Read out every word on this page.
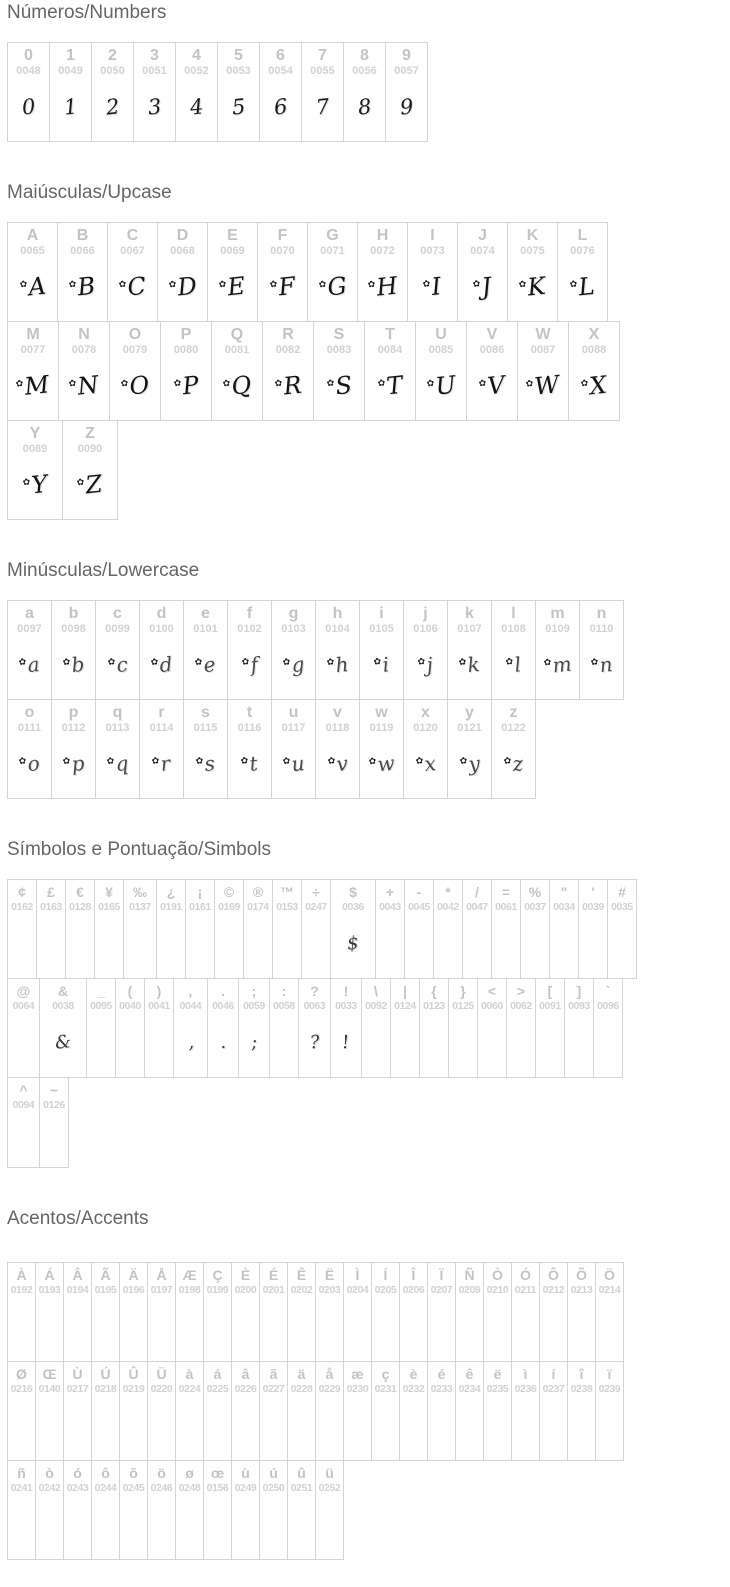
Números/Numbers
0
0048
0
1
0049
1
2
0050
2
3
0051
3
4
0052
4
5
0053
5
6
0054
6
7
0055
7
8
0056
8
9
0057
9
Maiúsculas/Upcase
A
0065
✿ A
B
0066
✿ B
C
0067
✿ C
D
0068
✿ D
E
0069
✿ E
F
0070
✿ F
G
0071
✿ G
H
0072
✿ H
I
0073
✿ I
J
0074
✿ J
K
0075
✿ K
L
0076
✿ L
M
0077
✿ M
N
0078
✿ N
O
0079
✿ O
P
0080
✿ P
Q
0081
✿ Q
R
0082
✿ R
S
0083
✿ S
T
0084
✿ T
U
0085
✿ U
V
0086
✿ V
W
0087
✿ W
X
0088
✿ X
Y
0089
✿ Y
Z
0090
✿ Z
Minúsculas/Lowercase
a
0097
✿ a
b
0098
✿ b
c
0099
✿ c
d
0100
✿ d
e
0101
✿ e
f
0102
✿ f
g
0103
✿ g
h
0104
✿ h
i
0105
✿ i
j
0106
✿ j
k
0107
✿ k
l
0108
✿ l
m
0109
✿ m
n
0110
✿ n
o
0111
✿ o
p
0112
✿ p
q
0113
✿ q
r
0114
✿ r
s
0115
✿ s
t
0116
✿ t
u
0117
✿ u
v
0118
✿ v
w
0119
✿ w
x
0120
✿ x
y
0121
✿ y
z
0122
✿ z
Símbolos e Pontuação/Simbols
¢
0162
£
0163
€
0128
¥
0165
‰
0137
¿
0191
¡
0161
©
0169
®
0174
™
0153
÷
0247
$
0036
$
+
0043
-
0045
*
0042
/
0047
=
0061
%
0037
"
0034
'
0039
#
0035
@
0064
&
0038
&
_
0095
(
0040
)
0041
,
0044
,
.
0046
.
;
0059
;
:
0058
?
0063
?
!
0033
!
\
0092
|
0124
{
0123
}
0125
<
0060
>
0062
[
0091
]
0093
`
0096
^
0094
~
0126
Acentos/Accents
À
0192
Á
0193
Â
0194
Ã
0195
Ä
0196
Å
0197
Æ
0198
Ç
0199
È
0200
É
0201
Ê
0202
Ë
0203
Ì
0204
Í
0205
Î
0206
Ï
0207
Ñ
0209
Ò
0210
Ó
0211
Ô
0212
Õ
0213
Ö
0214
Ø
0216
Œ
0140
Ù
0217
Ú
0218
Û
0219
Ü
0220
à
0224
á
0225
â
0226
ã
0227
ä
0228
å
0229
æ
0230
ç
0231
è
0232
é
0233
ê
0234
ë
0235
ì
0236
í
0237
î
0238
ï
0239
ñ
0241
ò
0242
ó
0243
ô
0244
õ
0245
ö
0246
ø
0248
œ
0156
ù
0249
ú
0250
û
0251
ü
0252
